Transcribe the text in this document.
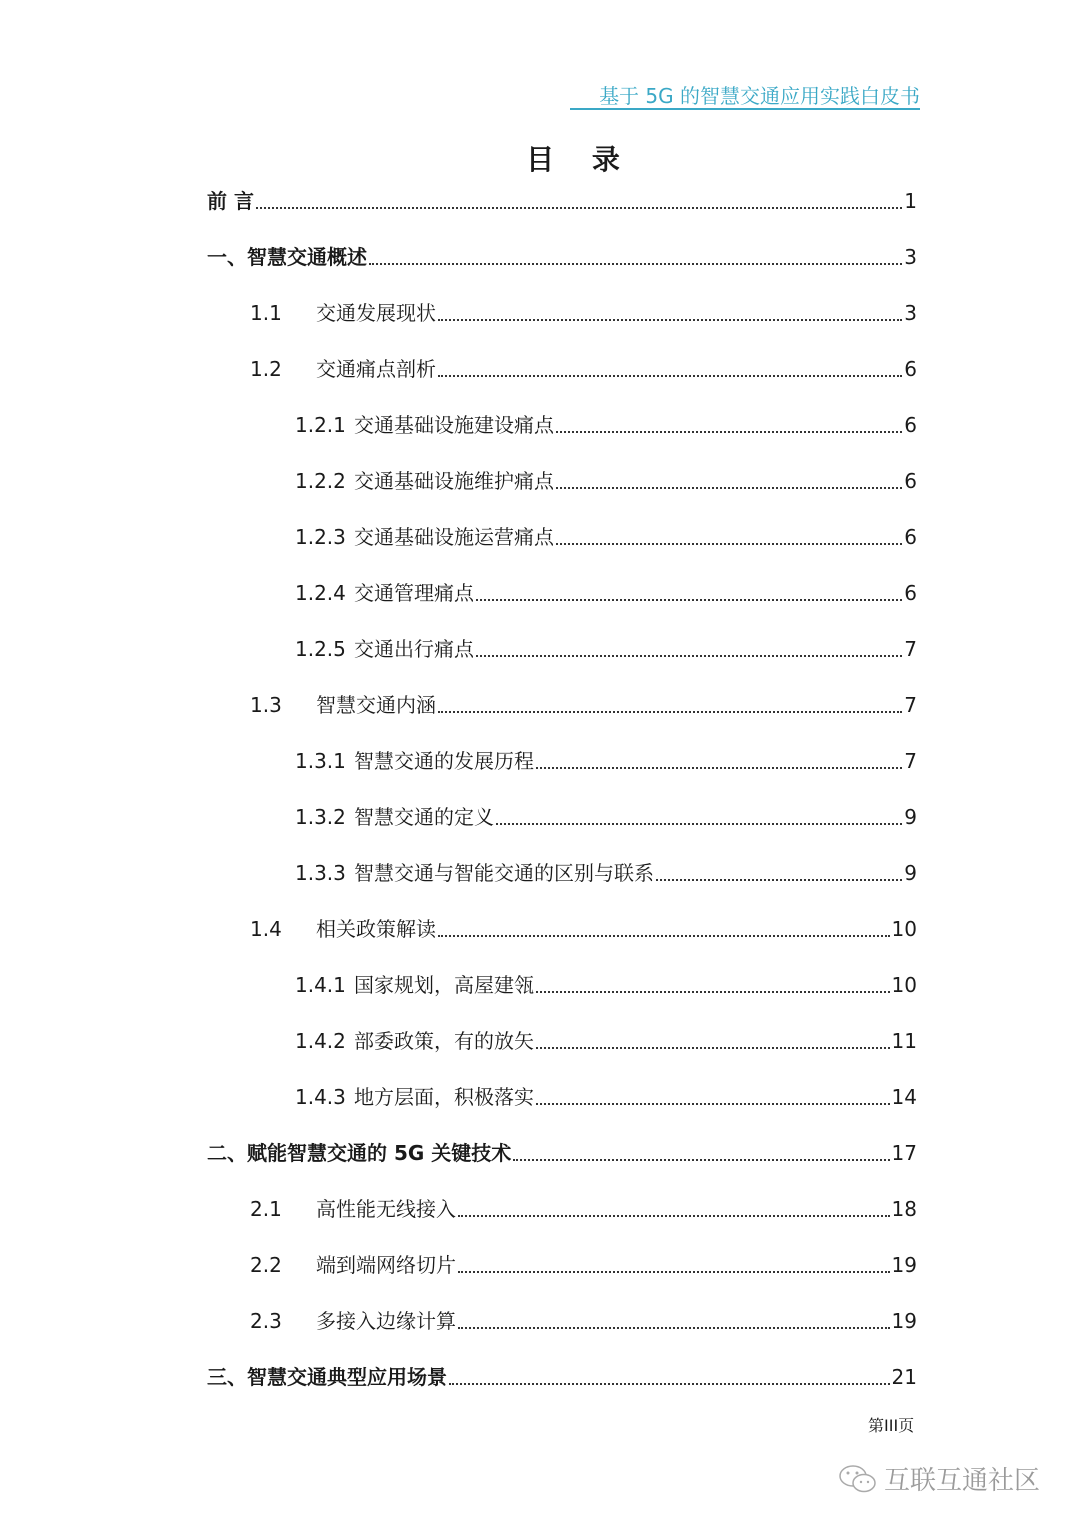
基于 5G 的智慧交通应用实践白皮书
目 录
前 言	1
一、智慧交通概述	3
1.1	交通发展现状	3
1.2	交通痛点剖析	6
1.2.1 交通基础设施建设痛点	6
1.2.2 交通基础设施维护痛点	6
1.2.3 交通基础设施运营痛点	6
1.2.4 交通管理痛点	6
1.2.5 交通出行痛点	7
1.3	智慧交通内涵	7
1.3.1 智慧交通的发展历程	7
1.3.2 智慧交通的定义	9
1.3.3 智慧交通与智能交通的区别与联系	9
1.4	相关政策解读	10
1.4.1 国家规划，高屋建瓴	10
1.4.2 部委政策，有的放矢	11
1.4.3 地方层面，积极落实	14
二、赋能智慧交通的 5G 关键技术	17
2.1	高性能无线接入	18
2.2	端到端网络切片	19
2.3	多接入边缘计算	19
三、智慧交通典型应用场景	21
第III页
互联互通社区
